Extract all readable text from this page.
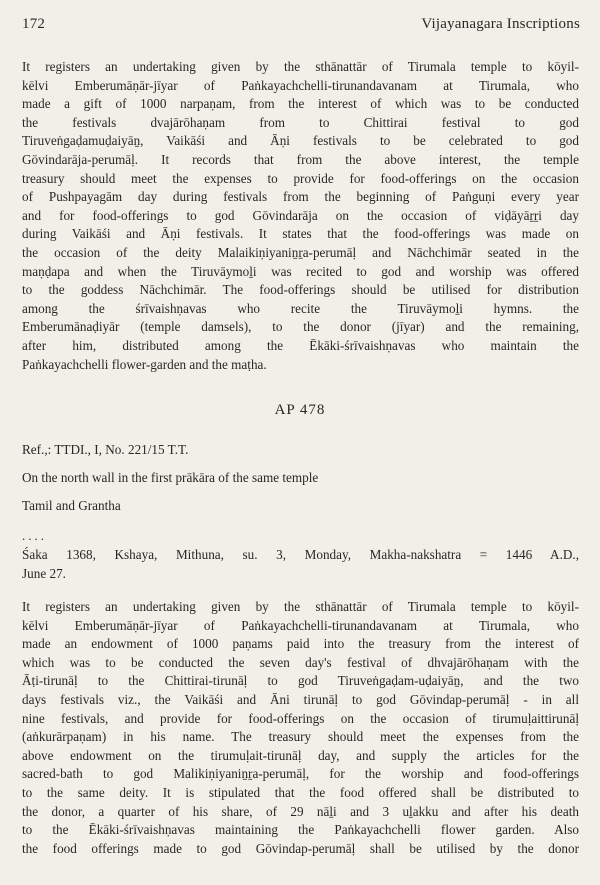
172	Vijayanagara Inscriptions

It registers an undertaking given by the sthānattār of Tirumala temple to kōyil-
kēlvi Emberumāṇār-jīyar of Paṅkayachchelli-tirunandavanam at Tirumala, who
made a gift of 1000 narpaṇam, from the interest of which was to be conducted
the festivals dvajārōhaṇam from to Chittirai festival to god
Tiruveṅgaḍamuḍaiyāṉ, Vaikāśi and Āṇi festivals to be celebrated to god
Gōvindarāja-perumāḷ. It records that from the above interest, the temple
treasury should meet the expenses to provide for food-offerings on the occasion
of Pushpayagām day during festivals from the beginning of Paṅguṇi every year
and for food-offerings to god Gōvindarāja on the occasion of viḍāyāṟṟi day
during Vaikāśi and Āṇi festivals. It states that the food-offerings was made on
the occasion of the deity Malaikiṇiyaniṉṟa-perumāḷ and Nāchchimār seated in the
maṇḍapa and when the Tiruvāymoḻi was recited to god and worship was offered
to the goddess Nāchchimār. The food-offerings should be utilised for distribution
among the śrīvaishṇavas who recite the Tiruvāymoḻi hymns. the
Emberumānaḍiyār (temple damsels), to the donor (jīyar) and the remaining,
after him, distributed among the Ēkāki-śrīvaishṇavas who maintain the
Paṅkayachchelli flower-garden and the maṭha.

AP 478
Ref.,: TTDI., I, No. 221/15 T.T.
On the north wall in the first prākāra of the same temple
Tamil and Grantha
....

Śaka 1368, Kshaya, Mithuna, su. 3, Monday, Makha-nakshatra = 1446 A.D.,
June 27.

It registers an undertaking given by the sthānattār of Tirumala temple to kōyil-
kēlvi Emberumāṇār-jīyar of Paṅkayachchelli-tirunandavanam at Tirumala, who
made an endowment of 1000 paṇams paid into the treasury from the interest of
which was to be conducted the seven day's festival of dhvajārōhaṇam with the
Āṭi-tirunāḷ to the Chittirai-tirunāḷ to god Tiruveṅgaḍam-uḍaiyāṉ, and the two
days festivals viz., the Vaikāśi and Āni tirunāḷ to god Gōvindap-perumāḷ - in all
nine festivals, and provide for food-offerings on the occasion of tirumuḷaittirunāḷ
(aṅkurārpaṇam) in his name. The treasury should meet the expenses from the
above endowment on the tirumuḷait-tirunāḷ day, and supply the articles for the
sacred-bath to god Malikiṇiyaniṉṟa-perumāḷ, for the worship and food-offerings
to the same deity. It is stipulated that the food offered shall be distributed to
the donor, a quarter of his share, of 29 nāḻi and 3 uḻakku and after his death
to the Ēkāki-śrīvaishṇavas maintaining the Paṅkayachchelli flower garden. Also
the food offerings made to god Gōvindap-perumāḷ shall be utilised by the donor
